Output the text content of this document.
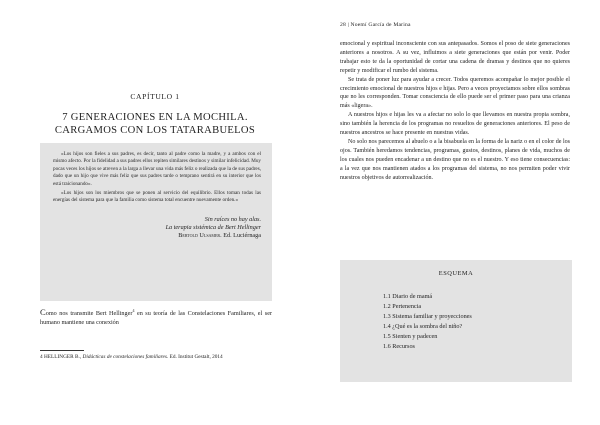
CAPÍTULO 1
7 GENERACIONES EN LA MOCHILA. CARGAMOS CON LOS TATARABUELOS

«Los hijos son fieles a sus padres, es decir, tanto al padre como la madre, y a ambos con el mismo afecto. Por la fidelidad a sus padres ellos repiten similares destinos y similar infelicidad. Muy pocas veces los hijos se atreven a la larga a llevar una vida más feliz o realizada que la de sus padres, dado que un hijo que vive más feliz que sus padres tarde o temprano sentirá en su interior que los está traicionando».

«Los hijos son los miembros que se ponen al servicio del equilibrio. Ellos toman todas las energías del sistema para que la familia como sistema total encuentre nuevamente orden.»

Sin raíces no hay alas.
La terapia sistémica de Bert Hellinger
Bertold Ulsamer. Ed. Luciérnaga
Como nos transmite Bert Hellinger$^4$ en su teoría de las Constelaciones Familiares, el ser humano mantiene una conexión
4 HELLINGER B., Didácticas de constelaciones familiares. Ed. Institut Gestalt, 2014
28 | Noemí García de Marina

emocional y espiritual inconsciente con sus antepasados. Somos el poso de siete generaciones anteriores a nosotros. A su vez, influimos a siete generaciones que están por venir. Poder trabajar esto te da la oportunidad de cortar una cadena de dramas y destinos que no quieres repetir y modificar el rumbo del sistema.

Se trata de poner luz para ayudar a crecer. Todos queremos acompañar lo mejor posible el crecimiento emocional de nuestros hijos e hijas. Pero a veces proyectamos sobre ellos sombras que no les corresponden. Tomar consciencia de ello puede ser el primer paso para una crianza más «ligera».

A nuestros hijos e hijas les va a afectar no solo lo que llevamos en nuestra propia sombra, sino también la herencia de los programas no resueltos de generaciones anteriores. El peso de nuestros ancestros se hace presente en nuestras vidas.

No solo nos parecemos al abuelo o a la bisabuela en la forma de la nariz o en el color de los ojos. También heredamos tendencias, programas, gustos, destinos, planes de vida, muchos de los cuales nos pueden encadenar a un destino que no es el nuestro. Y eso tiene consecuencias: a la vez que nos mantienen atados a los programas del sistema, no nos permiten poder vivir nuestros objetivos de autorrealización.

ESQUEMA
1.1 Diario de mamá
1.2 Pertenencia
1.3 Sistema familiar y proyecciones
1.4 ¿Qué es la sombra del niño?
1.5 Sienten y padecen
1.6 Recursos
